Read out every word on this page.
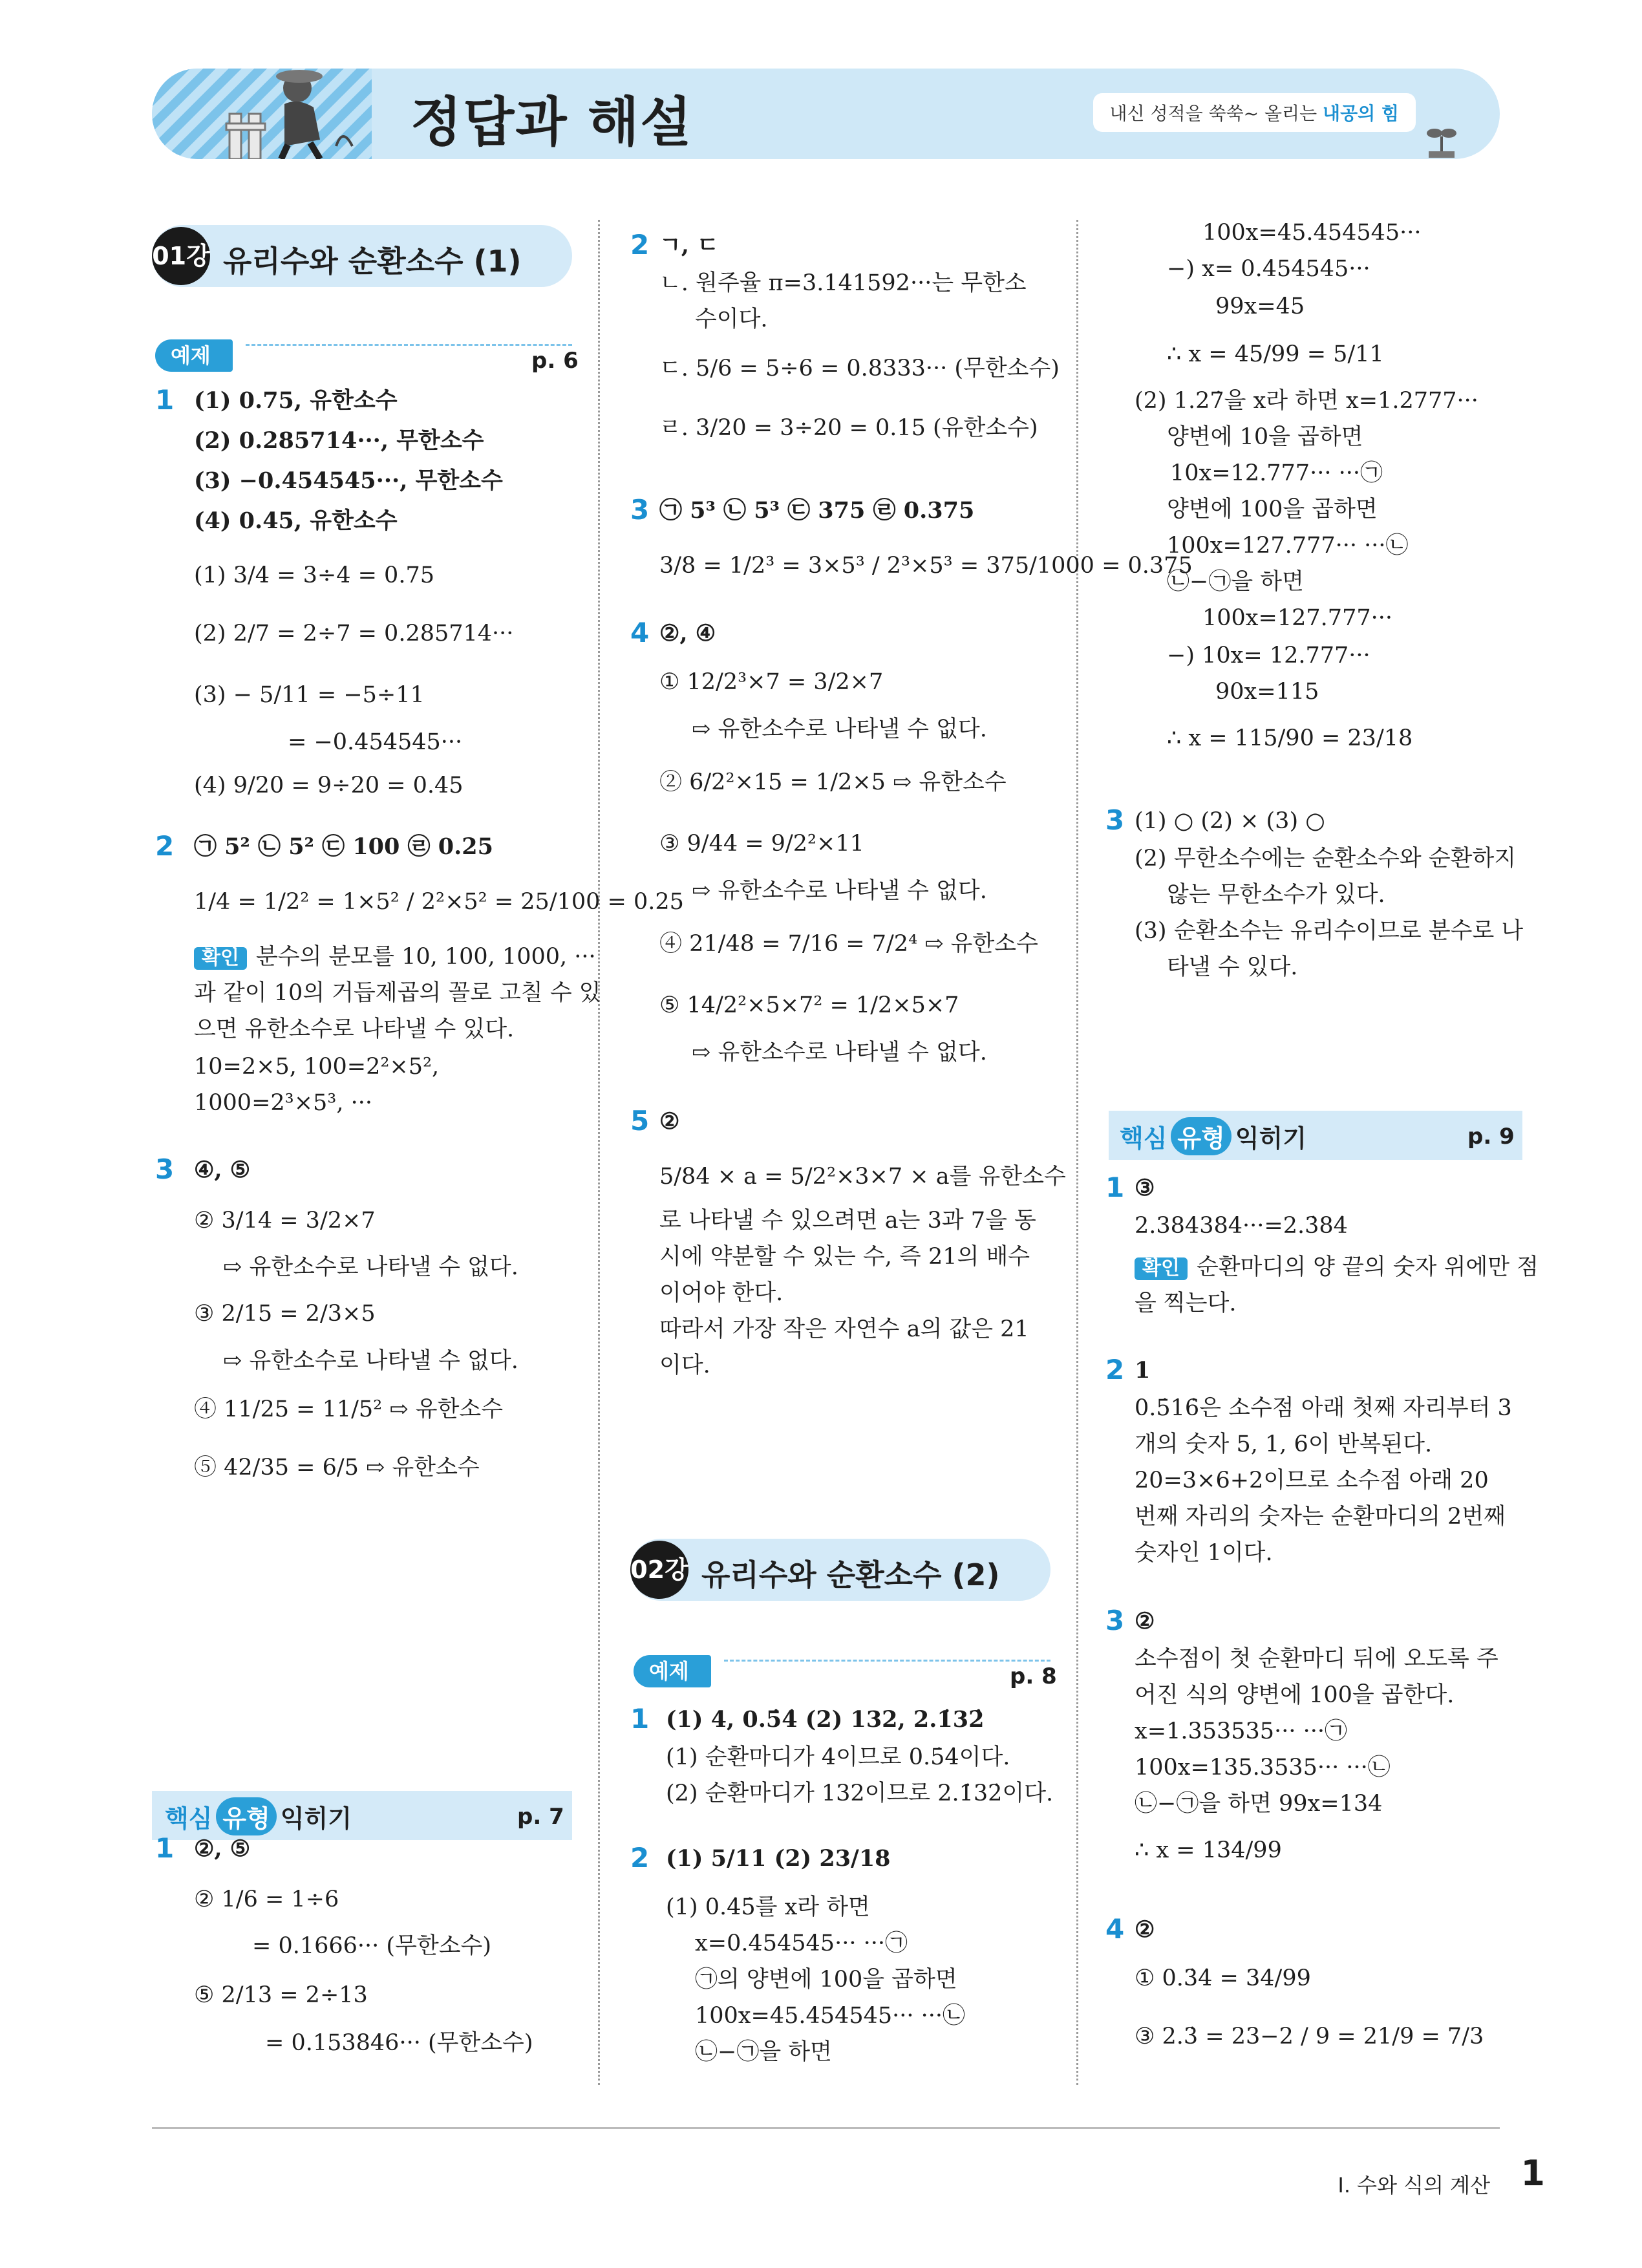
정답과 해설	내신 성적을 쑥쑥~ 올리는 내공의 힘
01강 유리수와 순환소수 (1)
예제	p. 6
핵심 유형 익히기	p. 7
02강 유리수와 순환소수 (2)
예제	p. 8
핵심 유형 익히기	p. 9
1 (1) 0.75, 유한소수
(2) 0.285714···, 무한소수
(3) −0.454545···, 무한소수
(4) 0.45, 유한소수
(1) 3/4 = 3÷4 = 0.75
(2) 2/7 = 2÷7 = 0.285714···
(3) − 5/11 = −5÷11
= −0.454545···
(4) 9/20 = 9÷20 = 0.45
2 ㉠ 5² ㉡ 5² ㉢ 100 ㉣ 0.25
1/4 = 1/2² = 1×5² / 2²×5² = 25/100 = 0.25
확인 분수의 분모를 10, 100, 1000, ···
과 같이 10의 거듭제곱의 꼴로 고칠 수 있
으면 유한소수로 나타낼 수 있다.
10=2×5, 100=2²×5²,
1000=2³×5³, ···
3 ④, ⑤
② 3/14 = 3/2×7
⇨ 유한소수로 나타낼 수 없다.
③ 2/15 = 2/3×5
⇨ 유한소수로 나타낼 수 없다.
④ 11/25 = 11/5² ⇨ 유한소수
⑤ 42/35 = 6/5 ⇨ 유한소수
1 ②, ⑤
② 1/6 = 1÷6
= 0.1666··· (무한소수)
⑤ 2/13 = 2÷13
= 0.153846··· (무한소수)
2 ㄱ, ㄷ
ㄴ. 원주율 π=3.141592···는 무한소
수이다.
ㄷ. 5/6 = 5÷6 = 0.8333··· (무한소수)
ㄹ. 3/20 = 3÷20 = 0.15 (유한소수)
3 ㉠ 5³ ㉡ 5³ ㉢ 375 ㉣ 0.375
3/8 = 1/2³ = 3×5³ / 2³×5³ = 375/1000 = 0.375
4 ②, ④
① 12/2³×7 = 3/2×7
⇨ 유한소수로 나타낼 수 없다.
② 6/2²×15 = 1/2×5 ⇨ 유한소수
③ 9/44 = 9/2²×11
⇨ 유한소수로 나타낼 수 없다.
④ 21/48 = 7/16 = 7/2⁴ ⇨ 유한소수
⑤ 14/2²×5×7² = 1/2×5×7
⇨ 유한소수로 나타낼 수 없다.
5 ②
5/84 × a = 5/2²×3×7 × a를 유한소수
로 나타낼 수 있으려면 a는 3과 7을 동
시에 약분할 수 있는 수, 즉 21의 배수
이어야 한다.
따라서 가장 작은 자연수 a의 값은 21
이다.
1 (1) 4, 0.5̇4̇ (2) 132, 2.1̇32̇
(1) 순환마디가 4이므로 0.5̇4̇이다.
(2) 순환마디가 132이므로 2.1̇32̇이다.
2 (1) 5/11 (2) 23/18
(1) 0.4̇5̇를 x라 하면
x=0.454545··· ···㉠
㉠의 양변에 100을 곱하면
100x=45.454545··· ···㉡
㉡−㉠을 하면
100x=45.454545···
−) x= 0.454545···
99x=45
∴ x = 45/99 = 5/11
(2) 1.27̇을 x라 하면 x=1.2777···
양변에 10을 곱하면
10x=12.777··· ···㉠
양변에 100을 곱하면
100x=127.777··· ···㉡
㉡−㉠을 하면
100x=127.777···
−) 10x= 12.777···
90x=115
∴ x = 115/90 = 23/18
3 (1) ○ (2) × (3) ○
(2) 무한소수에는 순환소수와 순환하지
않는 무한소수가 있다.
(3) 순환소수는 유리수이므로 분수로 나
타낼 수 있다.
1 ③
2.384384···=2.3̇84̇
확인 순환마디의 양 끝의 숫자 위에만 점
을 찍는다.
2 1
0.5̇16̇은 소수점 아래 첫째 자리부터 3
개의 숫자 5, 1, 6이 반복된다.
20=3×6+2이므로 소수점 아래 20
번째 자리의 숫자는 순환마디의 2번째
숫자인 1이다.
3 ②
소수점이 첫 순환마디 뒤에 오도록 주
어진 식의 양변에 100을 곱한다.
x=1.353535··· ···㉠
100x=135.3535··· ···㉡
㉡−㉠을 하면 99x=134
∴ x = 134/99
4 ②
① 0.3̇4̇ = 34/99
③ 2.3̇ = 23−2 / 9 = 21/9 = 7/3
Ⅰ. 수와 식의 계산 1
